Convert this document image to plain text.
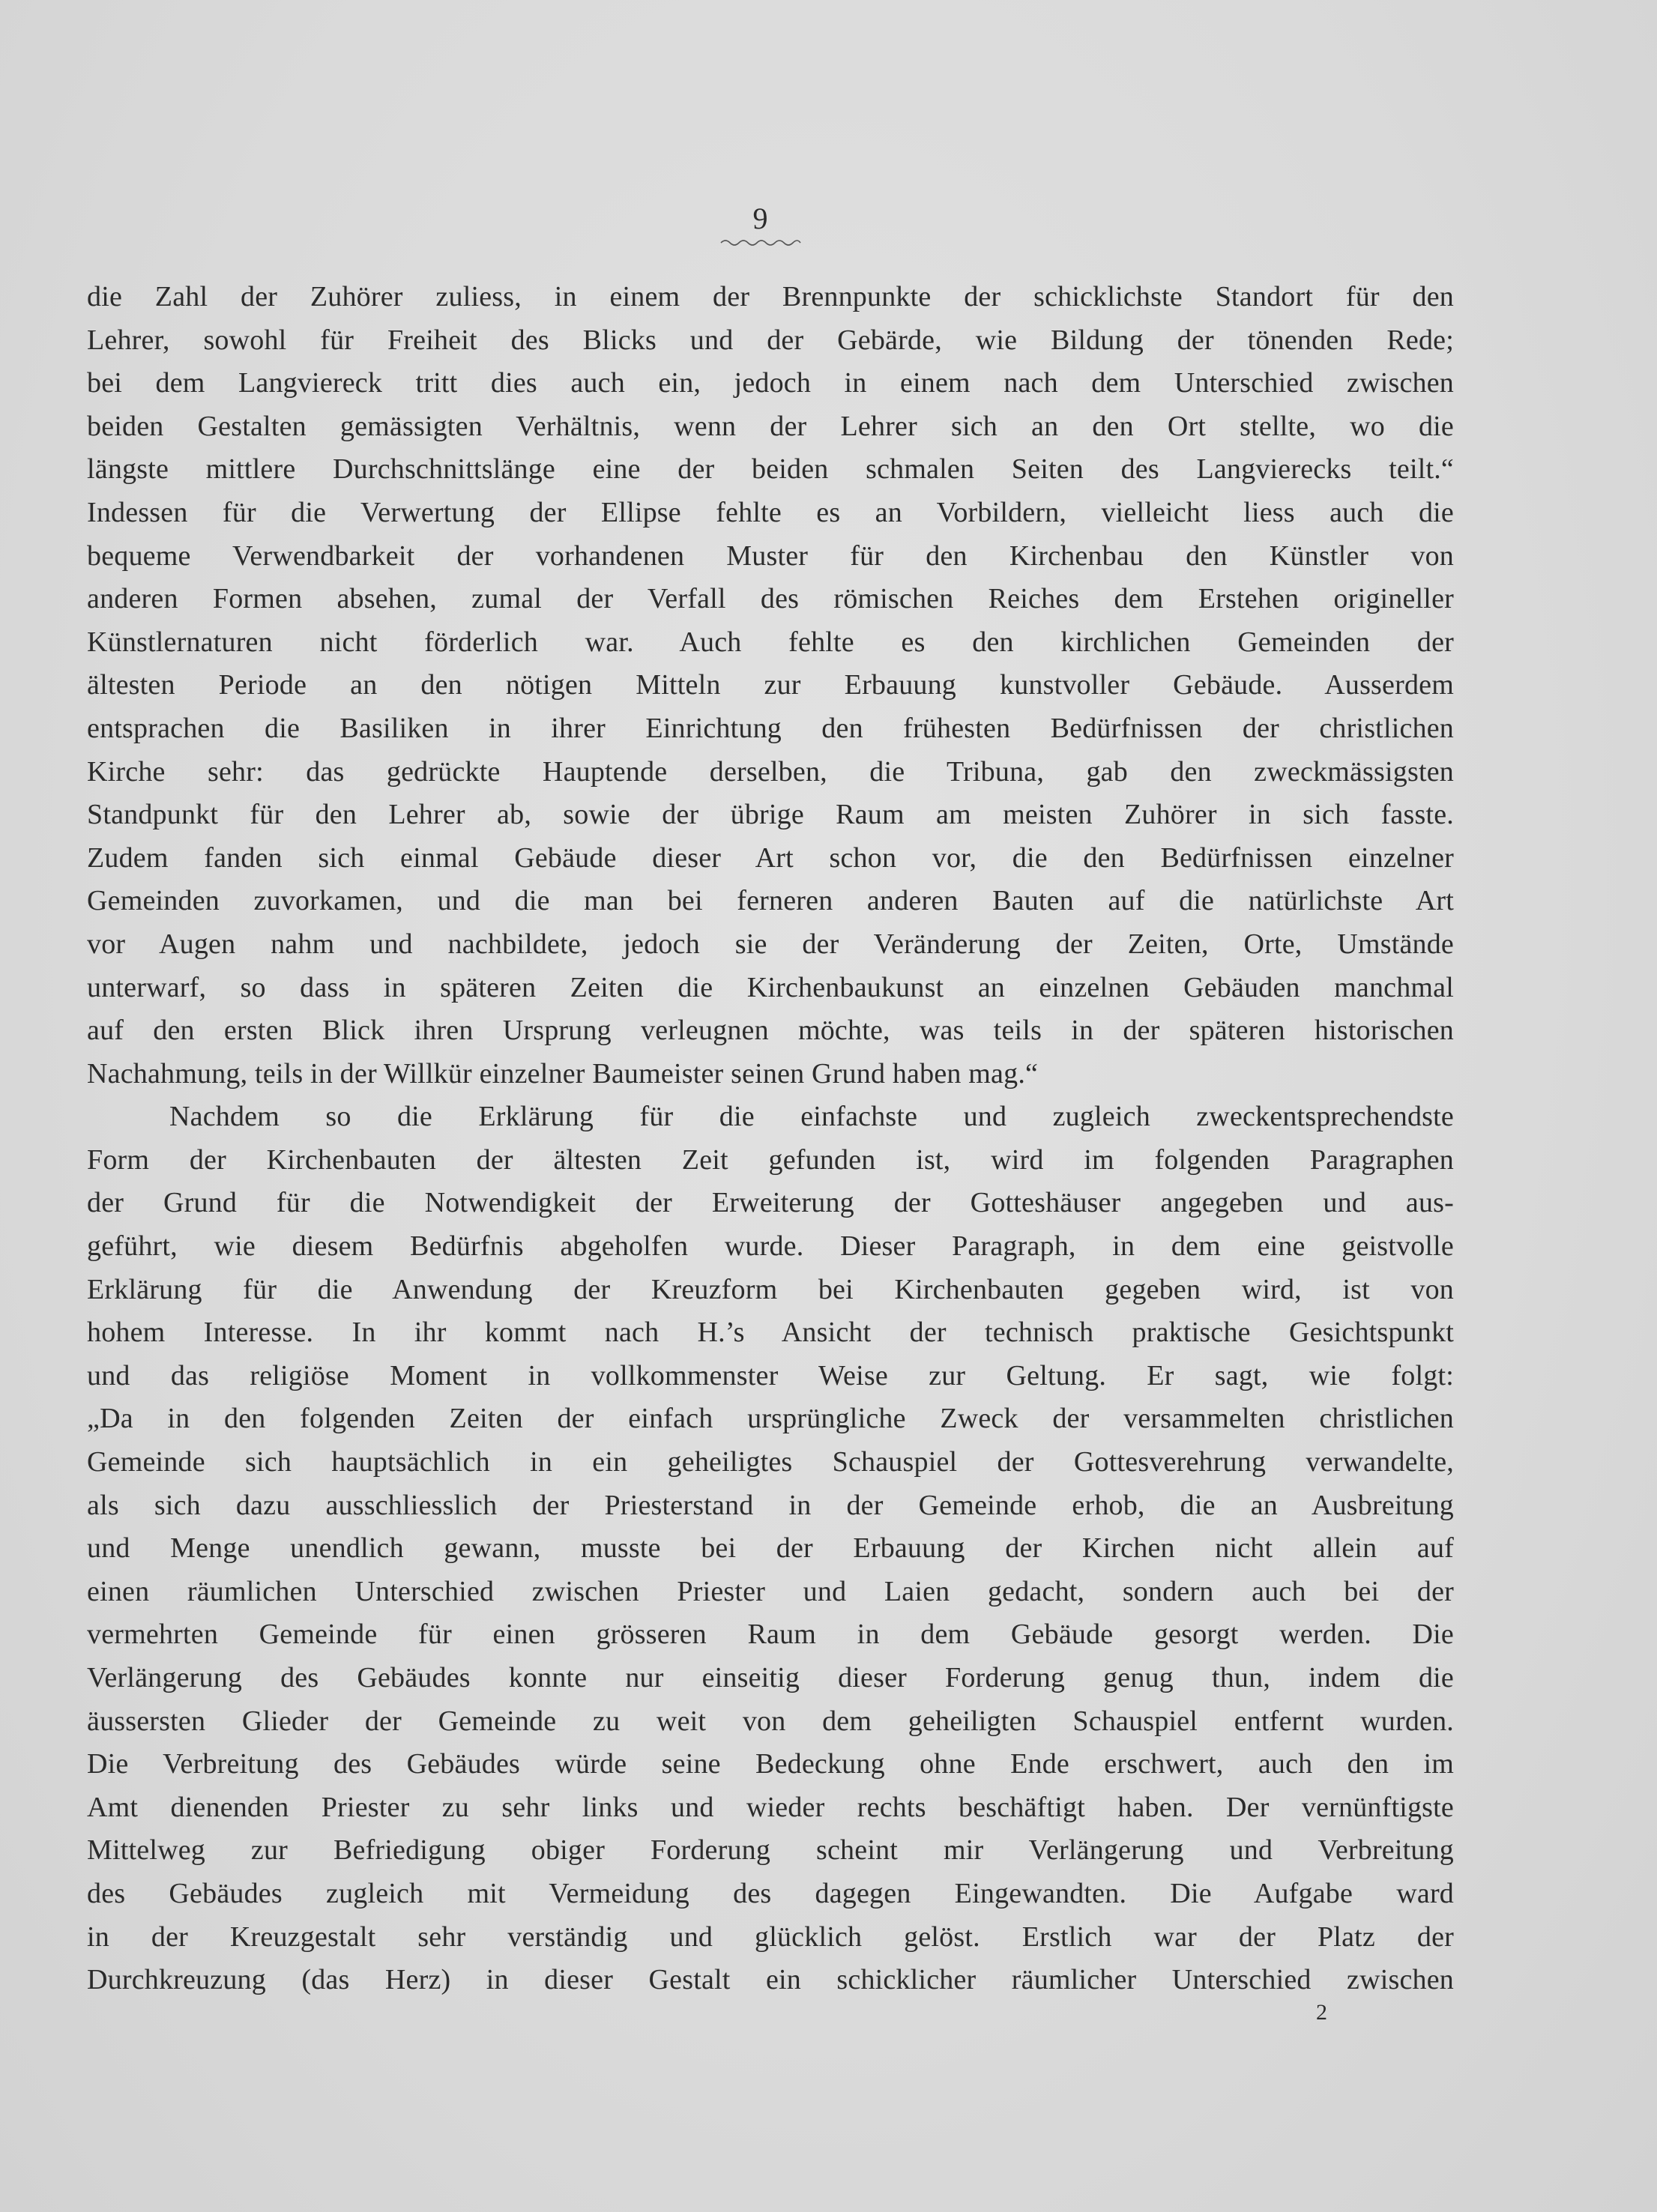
9
die Zahl der Zuhörer zuliess, in einem der Brennpunkte der schicklichste Standort für den
Lehrer, sowohl für Freiheit des Blicks und der Gebärde, wie Bildung der tönenden Rede;
bei dem Langviereck tritt dies auch ein, jedoch in einem nach dem Unterschied zwischen
beiden Gestalten gemässigten Verhältnis, wenn der Lehrer sich an den Ort stellte, wo die
längste mittlere Durchschnittslänge eine der beiden schmalen Seiten des Langvierecks teilt.“
Indessen für die Verwertung der Ellipse fehlte es an Vorbildern, vielleicht liess auch die
bequeme Verwendbarkeit der vorhandenen Muster für den Kirchenbau den Künstler von
anderen Formen absehen, zumal der Verfall des römischen Reiches dem Erstehen origineller
Künstlernaturen nicht förderlich war. Auch fehlte es den kirchlichen Gemeinden der
ältesten Periode an den nötigen Mitteln zur Erbauung kunstvoller Gebäude. Ausserdem
entsprachen die Basiliken in ihrer Einrichtung den frühesten Bedürfnissen der christlichen
Kirche sehr: das gedrückte Hauptende derselben, die Tribuna, gab den zweckmässigsten
Standpunkt für den Lehrer ab, sowie der übrige Raum am meisten Zuhörer in sich fasste.
Zudem fanden sich einmal Gebäude dieser Art schon vor, die den Bedürfnissen einzelner
Gemeinden zuvorkamen, und die man bei ferneren anderen Bauten auf die natürlichste Art
vor Augen nahm und nachbildete, jedoch sie der Veränderung der Zeiten, Orte, Umstände
unterwarf, so dass in späteren Zeiten die Kirchenbaukunst an einzelnen Gebäuden manchmal
auf den ersten Blick ihren Ursprung verleugnen möchte, was teils in der späteren historischen
Nachahmung, teils in der Willkür einzelner Baumeister seinen Grund haben mag.“
Nachdem so die Erklärung für die einfachste und zugleich zweckentsprechendste
Form der Kirchenbauten der ältesten Zeit gefunden ist, wird im folgenden Paragraphen
der Grund für die Notwendigkeit der Erweiterung der Gotteshäuser angegeben und aus-
geführt, wie diesem Bedürfnis abgeholfen wurde. Dieser Paragraph, in dem eine geistvolle
Erklärung für die Anwendung der Kreuzform bei Kirchenbauten gegeben wird, ist von
hohem Interesse. In ihr kommt nach H.’s Ansicht der technisch praktische Gesichtspunkt
und das religiöse Moment in vollkommenster Weise zur Geltung. Er sagt, wie folgt:
„Da in den folgenden Zeiten der einfach ursprüngliche Zweck der versammelten christlichen
Gemeinde sich hauptsächlich in ein geheiligtes Schauspiel der Gottesverehrung verwandelte,
als sich dazu ausschliesslich der Priesterstand in der Gemeinde erhob, die an Ausbreitung
und Menge unendlich gewann, musste bei der Erbauung der Kirchen nicht allein auf
einen räumlichen Unterschied zwischen Priester und Laien gedacht, sondern auch bei der
vermehrten Gemeinde für einen grösseren Raum in dem Gebäude gesorgt werden. Die
Verlängerung des Gebäudes konnte nur einseitig dieser Forderung genug thun, indem die
äussersten Glieder der Gemeinde zu weit von dem geheiligten Schauspiel entfernt wurden.
Die Verbreitung des Gebäudes würde seine Bedeckung ohne Ende erschwert, auch den im
Amt dienenden Priester zu sehr links und wieder rechts beschäftigt haben. Der vernünftigste
Mittelweg zur Befriedigung obiger Forderung scheint mir Verlängerung und Verbreitung
des Gebäudes zugleich mit Vermeidung des dagegen Eingewandten. Die Aufgabe ward
in der Kreuzgestalt sehr verständig und glücklich gelöst. Erstlich war der Platz der
Durchkreuzung (das Herz) in dieser Gestalt ein schicklicher räumlicher Unterschied zwischen
2
